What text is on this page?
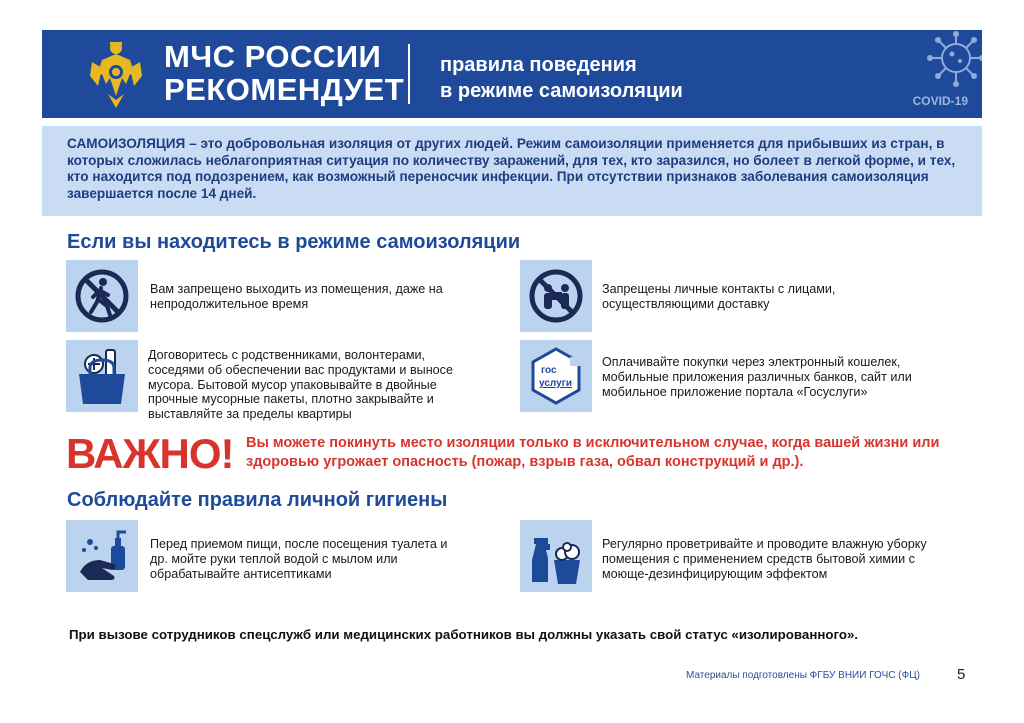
МЧС РОССИИ
РЕКОМЕНДУЕТ
правила поведения
в режиме самоизоляции	COVID-19
САМОИЗОЛЯЦИЯ – это добровольная изоляция от других людей. Режим самоизоляции применяется для прибывших из стран, в которых сложилась неблагоприятная ситуация по количеству заражений, для тех, кто заразился, но болеет в легкой форме, и тех, кто находится под подозрением, как возможный переносчик инфекции. При отсутствии признаков заболевания самоизоляция завершается после 14 дней.
Если вы находитесь в режиме самоизоляции
Вам запрещено выходить из помещения, даже на непродолжительное время
Запрещены личные контакты с лицами, осуществляющими доставку
Договоритесь с родственниками, волонтерами, соседями об обеспечении вас продуктами и выносе мусора. Бытовой мусор упаковывайте в двойные прочные мусорные пакеты, плотно закрывайте и выставляйте за пределы квартиры
гос
услуги
Оплачивайте покупки через электронный кошелек, мобильные приложения различных банков, сайт или мобильное приложение портала «Госуслуги»
ВАЖНО! Вы можете покинуть место изоляции только в исключительном случае, когда вашей жизни или здоровью угрожает опасность (пожар, взрыв газа, обвал конструкций и др.).
Соблюдайте правила личной гигиены
Перед приемом пищи, после посещения туалета и др. мойте руки теплой водой с мылом или обрабатывайте антисептиками
Регулярно проветривайте и проводите влажную уборку помещения с применением средств бытовой химии с моюще-дезинфицирующим эффектом
При вызове сотрудников спецслужб или медицинских работников вы должны указать свой статус «изолированного».
Материалы подготовлены ФГБУ ВНИИ ГОЧС (ФЦ) 5
